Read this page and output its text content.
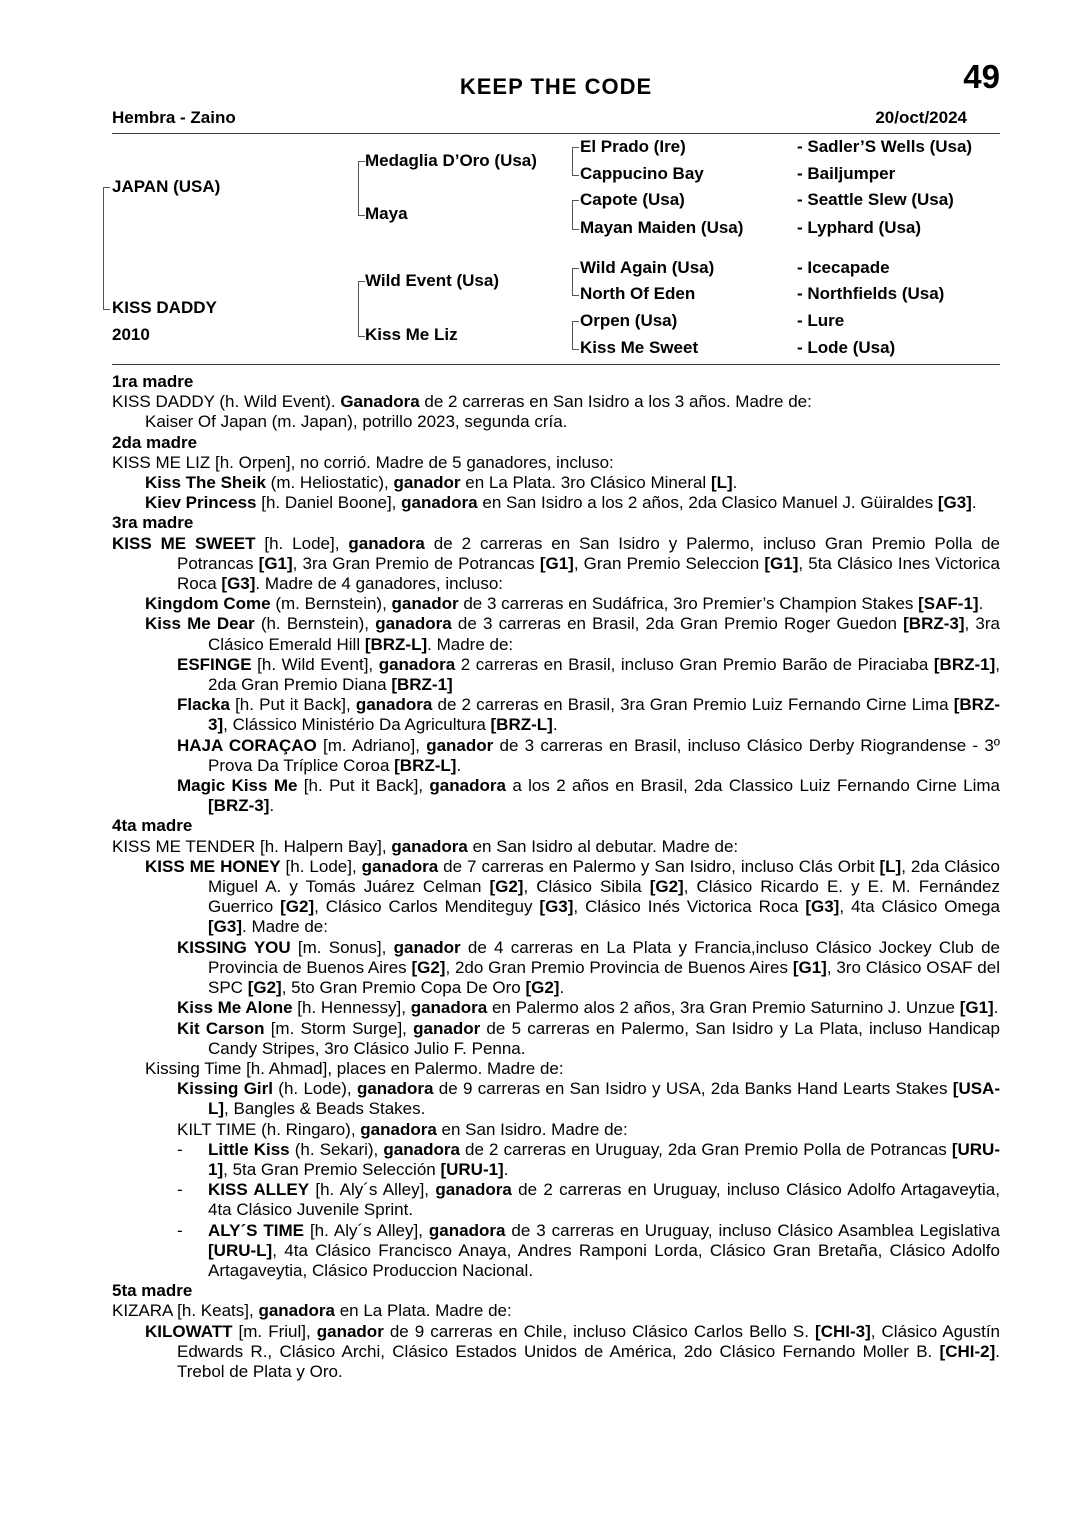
KEEP THE CODE	49
Hembra - Zaino	20/oct/2024
JAPAN (USA)
KISS DADDY
2010
Medaglia D’Oro (Usa)
Maya
Wild Event (Usa)
Kiss Me Liz
El Prado (Ire)
Cappucino Bay
Capote (Usa)
Mayan Maiden (Usa)
Wild Again (Usa)
North Of Eden
Orpen (Usa)
Kiss Me Sweet
- Sadler’S Wells (Usa)
- Bailjumper
- Seattle Slew (Usa)
- Lyphard (Usa)
- Icecapade
- Northfields (Usa)
- Lure
- Lode (Usa)
1ra madre
KISS DADDY (h. Wild Event). Ganadora de 2 carreras en San Isidro a los 3 años. Madre de:
Kaiser Of Japan (m. Japan), potrillo 2023, segunda cría.
2da madre
KISS ME LIZ [h. Orpen], no corrió. Madre de 5 ganadores, incluso:
Kiss The Sheik (m. Heliostatic), ganador en La Plata. 3ro Clásico Mineral [L].
Kiev Princess [h. Daniel Boone], ganadora en San Isidro a los 2 años, 2da Clasico Manuel J. Güiraldes [G3].
3ra madre
KISS ME SWEET [h. Lode], ganadora de 2 carreras en San Isidro y Palermo, incluso Gran Premio Polla de Potrancas [G1], 3ra Gran Premio de Potrancas [G1], Gran Premio Seleccion [G1], 5ta Clásico Ines Victorica Roca [G3]. Madre de 4 ganadores, incluso:
Kingdom Come (m. Bernstein), ganador de 3 carreras en Sudáfrica, 3ro Premier’s Champion Stakes [SAF-1].
Kiss Me Dear (h. Bernstein), ganadora de 3 carreras en Brasil, 2da Gran Premio Roger Guedon [BRZ-3], 3ra Clásico Emerald Hill [BRZ-L]. Madre de:
ESFINGE [h. Wild Event], ganadora 2 carreras en Brasil, incluso Gran Premio Barão de Piraciaba [BRZ-1], 2da Gran Premio Diana [BRZ-1]
Flacka [h. Put it Back], ganadora de 2 carreras en Brasil, 3ra Gran Premio Luiz Fernando Cirne Lima [BRZ-3], Clássico Ministério Da Agricultura [BRZ-L].
HAJA CORAÇAO [m. Adriano], ganador de 3 carreras en Brasil, incluso Clásico Derby Riograndense - 3º Prova Da Tríplice Coroa [BRZ-L].
Magic Kiss Me [h. Put it Back], ganadora a los 2 años en Brasil, 2da Classico Luiz Fernando Cirne Lima [BRZ-3].
4ta madre
KISS ME TENDER [h. Halpern Bay], ganadora en San Isidro al debutar. Madre de:
KISS ME HONEY [h. Lode], ganadora de 7 carreras en Palermo y San Isidro, incluso Clás Orbit [L], 2da Clásico Miguel A. y Tomás Juárez Celman [G2], Clásico Sibila [G2], Clásico Ricardo E. y E. M. Fernández Guerrico [G2], Clásico Carlos Menditeguy [G3], Clásico Inés Victorica Roca [G3], 4ta Clásico Omega [G3]. Madre de:
KISSING YOU [m. Sonus], ganador de 4 carreras en La Plata y Francia,incluso Clásico Jockey Club de Provincia de Buenos Aires [G2], 2do Gran Premio Provincia de Buenos Aires [G1], 3ro Clásico OSAF del SPC [G2], 5to Gran Premio Copa De Oro [G2].
Kiss Me Alone [h. Hennessy], ganadora en Palermo alos 2 años, 3ra Gran Premio Saturnino J. Unzue [G1].
Kit Carson [m. Storm Surge], ganador de 5 carreras en Palermo, San Isidro y La Plata, incluso Handicap Candy Stripes, 3ro Clásico Julio F. Penna.
Kissing Time [h. Ahmad], places en Palermo. Madre de:
Kissing Girl (h. Lode), ganadora de 9 carreras en San Isidro y USA, 2da Banks Hand Learts Stakes [USA-L], Bangles & Beads Stakes.
KILT TIME (h. Ringaro), ganadora en San Isidro. Madre de:
- Little Kiss (h. Sekari), ganadora de 2 carreras en Uruguay, 2da Gran Premio Polla de Potrancas [URU-1], 5ta Gran Premio Selección [URU-1].
- KISS ALLEY [h. Aly´s Alley], ganadora de 2 carreras en Uruguay, incluso Clásico Adolfo Artagaveytia, 4ta Clásico Juvenile Sprint.
- ALY´S TIME [h. Aly´s Alley], ganadora de 3 carreras en Uruguay, incluso Clásico Asamblea Legislativa [URU-L], 4ta Clásico Francisco Anaya, Andres Ramponi Lorda, Clásico Gran Bretaña, Clásico Adolfo Artagaveytia, Clásico Produccion Nacional.
5ta madre
KIZARA [h. Keats], ganadora en La Plata. Madre de:
KILOWATT [m. Friul], ganador de 9 carreras en Chile, incluso Clásico Carlos Bello S. [CHI-3], Clásico Agustín Edwards R., Clásico Archi, Clásico Estados Unidos de América, 2do Clásico Fernando Moller B. [CHI-2]. Trebol de Plata y Oro.
